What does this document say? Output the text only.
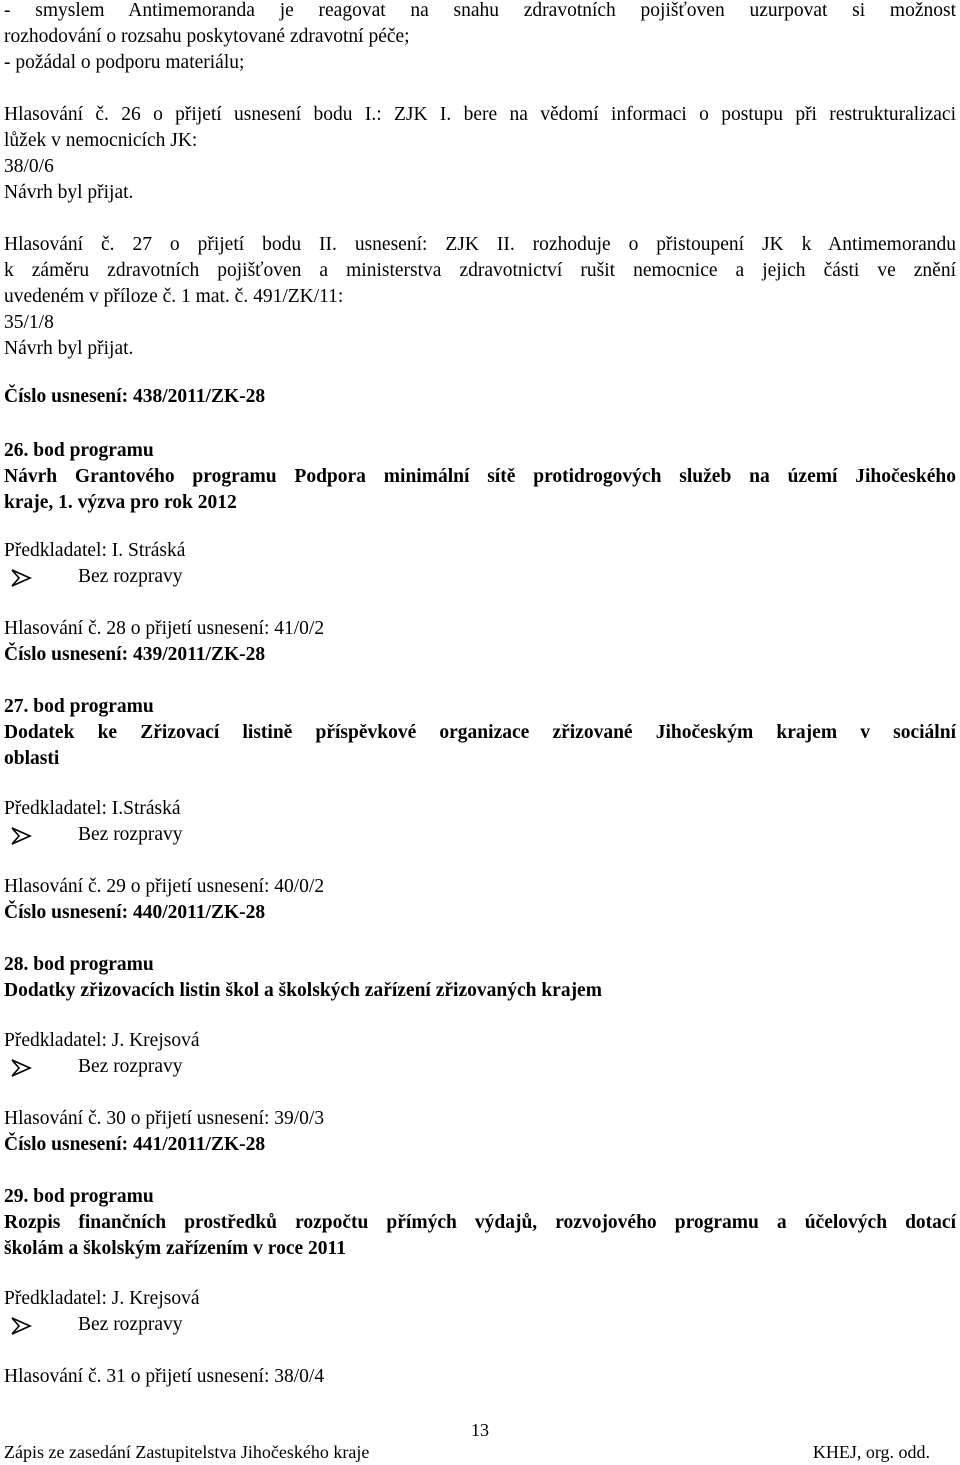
- smyslem Antimemoranda je reagovat na snahu zdravotních pojišťoven uzurpovat si možnost
rozhodování o rozsahu poskytované zdravotní péče;
- požádal o podporu materiálu;
Hlasování č. 26 o přijetí usnesení bodu I.: ZJK I. bere na vědomí informaci o postupu při restrukturalizaci
lůžek v nemocnicích JK:
38/0/6
Návrh byl přijat.
Hlasování č. 27 o přijetí bodu II. usnesení: ZJK II. rozhoduje o přistoupení JK k Antimemorandu
k záměru zdravotních pojišťoven a ministerstva zdravotnictví rušit nemocnice a jejich části ve znění
uvedeném v příloze č. 1 mat. č. 491/ZK/11:
35/1/8
Návrh byl přijat.
Číslo usnesení: 438/2011/ZK-28
26. bod programu
Návrh Grantového programu Podpora minimální sítě protidrogových služeb na území Jihočeského
kraje, 1. výzva pro rok 2012
Předkladatel: I. Stráská
Bez rozpravy
Hlasování č. 28 o přijetí usnesení: 41/0/2
Číslo usnesení: 439/2011/ZK-28
27. bod programu
Dodatek ke Zřizovací listině příspěvkové organizace zřizované Jihočeským krajem v sociální
oblasti
Předkladatel: I.Stráská
Bez rozpravy
Hlasování č. 29 o přijetí usnesení: 40/0/2
Číslo usnesení: 440/2011/ZK-28
28. bod programu
Dodatky zřizovacích listin škol a školských zařízení zřizovaných krajem
Předkladatel: J. Krejsová
Bez rozpravy
Hlasování č. 30 o přijetí usnesení: 39/0/3
Číslo usnesení: 441/2011/ZK-28
29. bod programu
Rozpis finančních prostředků rozpočtu přímých výdajů, rozvojového programu a účelových dotací
školám a školským zařízením v roce 2011
Předkladatel: J. Krejsová
Bez rozpravy
Hlasování č. 31 o přijetí usnesení: 38/0/4
13
Zápis ze zasedání Zastupitelstva Jihočeského kraje	KHEJ, org. odd.
